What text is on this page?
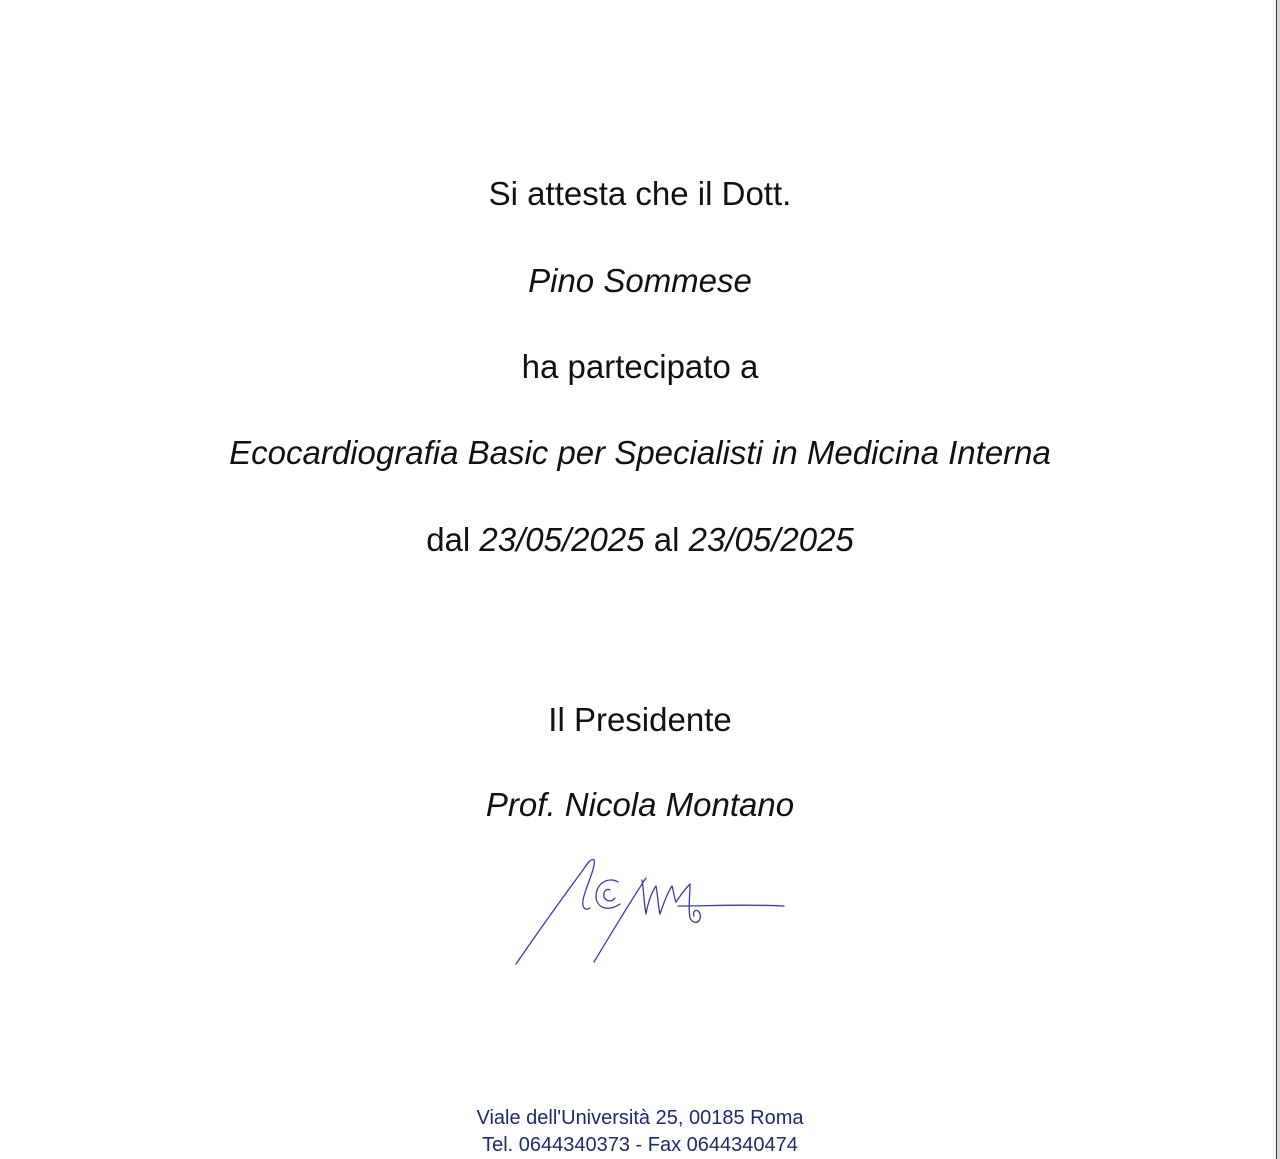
Si attesta che il Dott.
Pino Sommese
ha partecipato a
Ecocardiografia Basic per Specialisti in Medicina Interna
dal 23/05/2025 al 23/05/2025
Il Presidente
Prof. Nicola Montano
Viale dell'Università 25, 00185 Roma
Tel. 0644340373 - Fax 0644340474
